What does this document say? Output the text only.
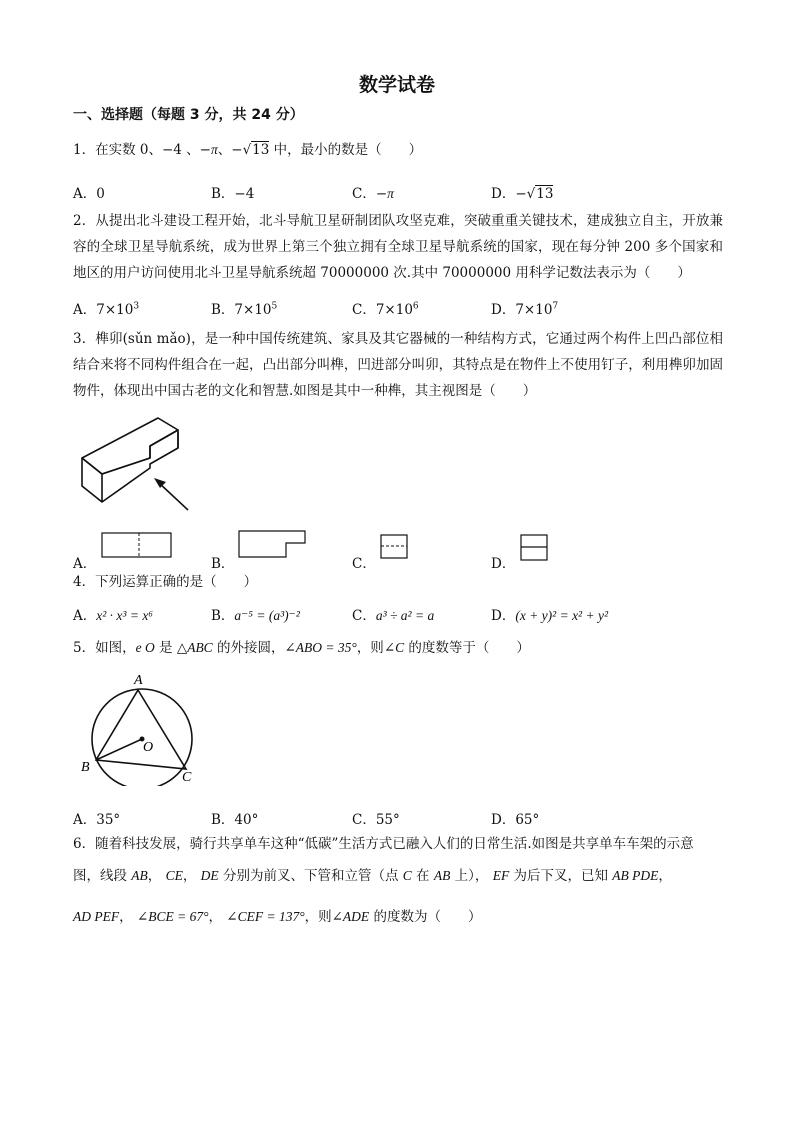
数学试卷
一、选择题（每题 3 分，共 24 分）
1．在实数 0、−4 、−π、−√13 中，最小的数是（　　）
A．0	B．−4	C．−π	D．−√13
2．从提出北斗建设工程开始，北斗导航卫星研制团队攻坚克难，突破重重关键技术，建成独立自主，开放兼容的全球卫星导航系统，成为世界上第三个独立拥有全球卫星导航系统的国家，现在每分钟 200 多个国家和地区的用户访问使用北斗卫星导航系统超 70000000 次.其中 70000000 用科学记数法表示为（　　）
A．$7\times 10^3$	B．$7\times 10^5$	C．$7\times 10^6$	D．$7\times 10^7$
3．榫卯(sǔn mǎo)，是一种中国传统建筑、家具及其它器械的一种结构方式，它通过两个构件上凹凸部位相结合来将不同构件组合在一起，凸出部分叫榫，凹进部分叫卯，其特点是在物件上不使用钉子，利用榫卯加固物件，体现出中国古老的文化和智慧.如图是其中一种榫，其主视图是（　　）
A．	B．	C．	D．
4．下列运算正确的是（　　）
A．x² · x³ = x⁶	B．a⁻⁵ = (a³)⁻²	C．a³ ÷ a² = a	D．(x + y)² = x² + y²
5．如图，e O 是 △ABC 的外接圆，∠ABO = 35°，则∠C 的度数等于（　　）
A
B
C
O
A．35°	B．40°	C．55°	D．65°
6．随着科技发展，骑行共享单车这种“低碳”生活方式已融入人们的日常生活.如图是共享单车车架的示意
图，线段 AB， CE， DE 分别为前叉、下管和立管（点 C 在 AB 上）， EF 为后下叉，已知 AB PDE，
AD PEF， ∠BCE = 67°， ∠CEF = 137°，则∠ADE 的度数为（　　）
